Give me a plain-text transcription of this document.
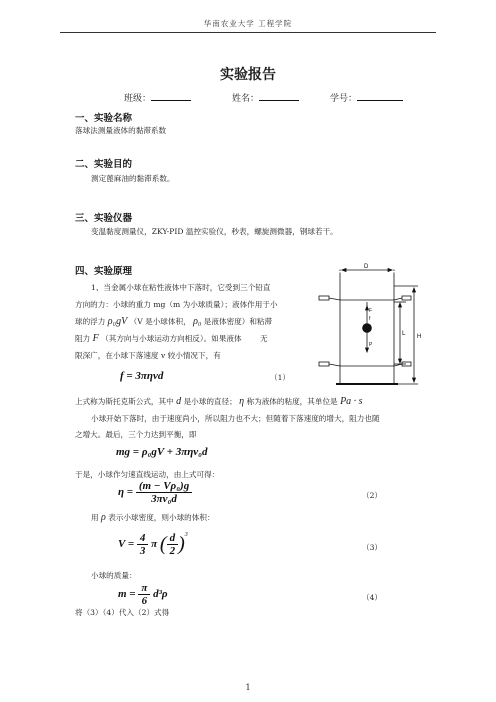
华南农业大学 工程学院
实验报告
班级：	姓名：	学号：
一、实验名称
落球法测量液体的黏滞系数
二、实验目的
测定蓖麻油的黏滞系数。
三、实验仪器
变温黏度测量仪，ZKY-PID 温控实验仪，秒表，螺旋测微器，钢球若干。
四、实验原理
1、当金属小球在粘性液体中下落时，它受到三个铅直
方向的力：小球的重力 mg（m 为小球质量）；液体作用于小
球的浮力 ρ₀gV （V 是小球体积， ρ₀ 是液体密度）和粘滞
阻力 F （其方向与小球运动方向相反）。如果液体 无
限深广，在小球下落速度 v 较小情况下，有
f = 3πηvd	（1）
D
H
L
F
f
P
上式称为斯托克斯公式，其中 d 是小球的直径； η 称为液体的粘度，其单位是 Pa · s
小球开始下落时，由于速度尚小，所以阻力也不大；但随着下落速度的增大，阻力也随
之增大。最后，三个力达到平衡，即
mg = ρ₀gV + 3πηv₀d
于是，小球作匀速直线运动，由上式可得：
$\eta = \frac{\text{(m − Vρ₀)g}}{\text{3πv₀d}}$	（2）
用 ρ 表示小球密度，则小球的体积：
$V = \frac{4}{3}$ π ( $\frac{d}{2} )^3$
（3）
小球的质量：
$m = \frac{\pi}{6} d^3\rho$	（4）
将（3）（4）代入（2）式得
1
